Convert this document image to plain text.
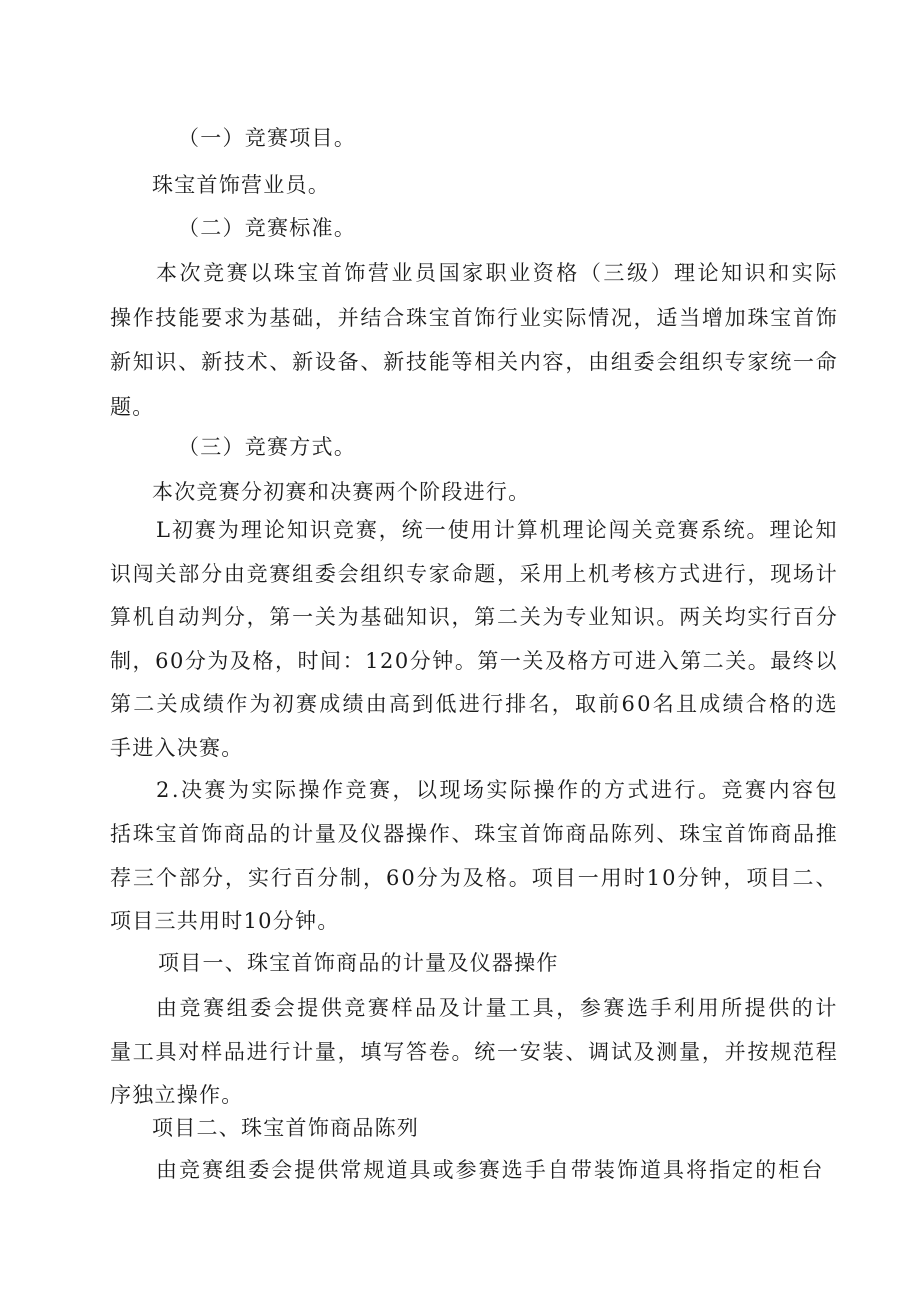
（一）竞赛项目。
珠宝首饰营业员。
（二）竞赛标准。
本 次 竞 赛 以 珠 宝 首 饰 营 业 员 国 家 职 业 资 格 （ 三 级 ） 理 论 知 识 和 实 际
操 作 技 能 要 求 为 基 础 ， 并 结 合 珠 宝 首 饰 行 业 实 际 情 况 ， 适 当 增 加 珠 宝 首 饰
新 知 识 、 新 技 术 、 新 设 备 、 新 技 能 等 相 关 内 容 ， 由 组 委 会 组 织 专 家 统 一 命
题。
（三）竞赛方式。
本次竞赛分初赛和决赛两个阶段进行。
L 初 赛 为 理 论 知 识 竞 赛 ， 统 一 使 用 计 算 机 理 论 闯 关 竞 赛 系 统 。 理 论 知
识 闯 关 部 分 由 竞 赛 组 委 会 组 织 专 家 命 题 ， 采 用 上 机 考 核 方 式 进 行 ， 现 场 计
算 机 自 动 判 分 ， 第 一 关 为 基 础 知 识 ， 第 二 关 为 专 业 知 识 。 两 关 均 实 行 百 分
制 ， 6 0 分 为 及 格 ， 时 间 ： 1 2 0 分 钟 。 第 一 关 及 格 方 可 进 入 第 二 关 。 最 终 以
第 二 关 成 绩 作 为 初 赛 成 绩 由 高 到 低 进 行 排 名 ， 取 前 6 0 名 且 成 绩 合 格 的 选
手进入决赛。
2 . 决 赛 为 实 际 操 作 竞 赛 ， 以 现 场 实 际 操 作 的 方 式 进 行 。 竞 赛 内 容 包
括 珠 宝 首 饰 商 品 的 计 量 及 仪 器 操 作 、 珠 宝 首 饰 商 品 陈 列 、 珠 宝 首 饰 商 品 推
荐 三 个 部 分 ， 实 行 百 分 制 ， 6 0 分 为 及 格 。 项 目 一 用 时 1 0 分 钟 ， 项 目 二 、
项目三共用时10分钟。
项目一、珠宝首饰商品的计量及仪器操作
由 竞 赛 组 委 会 提 供 竞 赛 样 品 及 计 量 工 具 ， 参 赛 选 手 利 用 所 提 供 的 计
量 工 具 对 样 品 进 行 计 量 ， 填 写 答 卷 。 统 一 安 装 、 调 试 及 测 量 ， 并 按 规 范 程
序独立操作。
项目二、珠宝首饰商品陈列
由 竞 赛 组 委 会 提 供 常 规 道 具 或 参 赛 选 手 自 带 装 饰 道 具 将 指 定 的 柜 台
